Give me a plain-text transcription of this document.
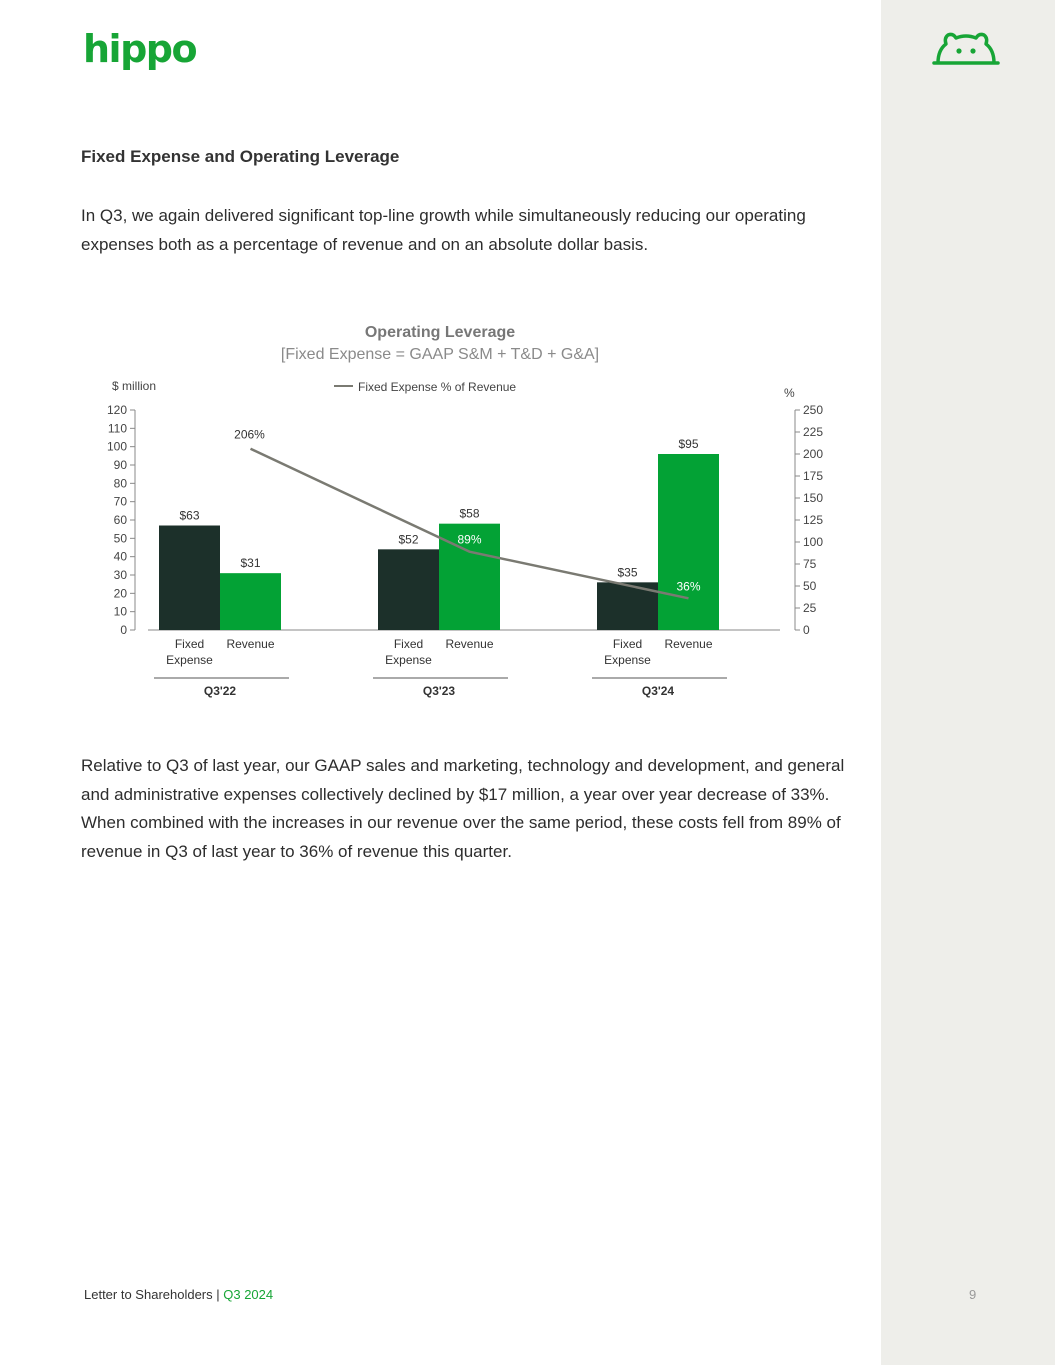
hippo
Fixed Expense and Operating Leverage
In Q3, we again delivered significant top-line growth while simultaneously reducing our operating expenses both as a percentage of revenue and on an absolute dollar basis.
Operating Leverage
[Fixed Expense = GAAP S&M + T&D + G&A]
$ million	%
Fixed Expense % of Revenue
0
10
20
30
40
50
60
70
80
90
100
110
120
0
25
50
75
100
125
150
175
200
225
250
$63
$31
Fixed
Expense
Revenue
Q3'22
$52
$58
Fixed
Expense
Revenue
Q3'23
$35
$95
Fixed
Expense
Revenue
Q3'24
206%
89%
36%
Relative to Q3 of last year, our GAAP sales and marketing, technology and development, and general and administrative expenses collectively declined by $17 million, a year over year decrease of 33%. When combined with the increases in our revenue over the same period, these costs fell from 89% of revenue in Q3 of last year to 36% of revenue this quarter.
Letter to Shareholders | Q3 2024	9
